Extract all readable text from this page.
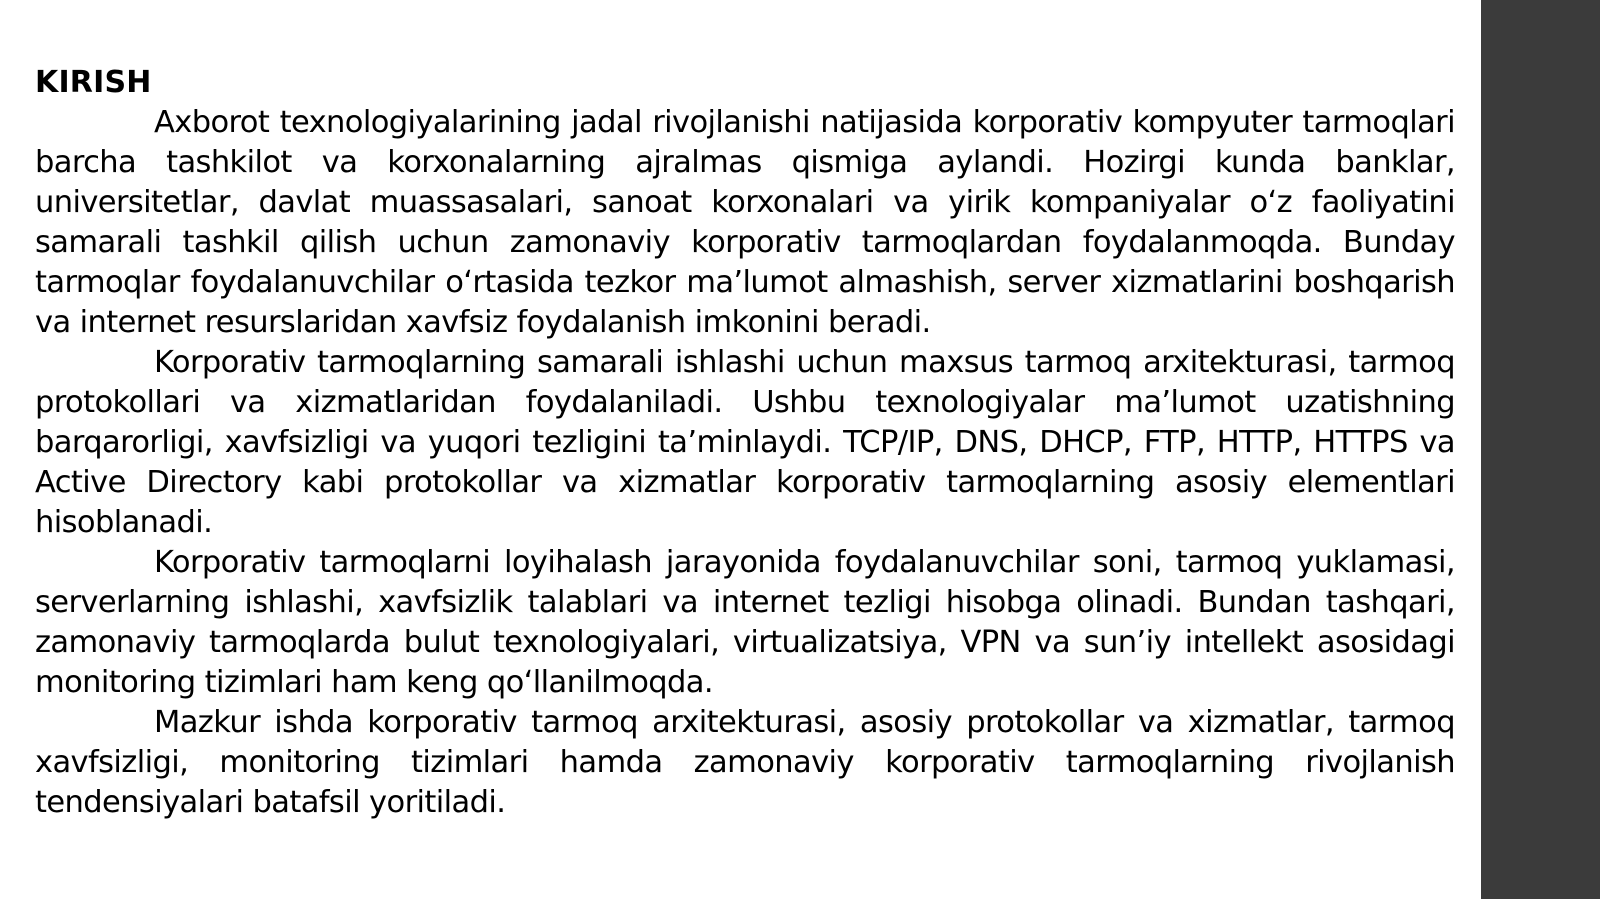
KIRISH

Axborot texnologiyalarining jadal rivojlanishi natijasida korporativ kompyuter tarmoqlari barcha tashkilot va korxonalarning ajralmas qismiga aylandi. Hozirgi kunda banklar, universitetlar, davlat muassasalari, sanoat korxonalari va yirik kompaniyalar o‘z faoliyatini samarali tashkil qilish uchun zamonaviy korporativ tarmoqlardan foydalanmoqda. Bunday tarmoqlar foydalanuvchilar o‘rtasida tezkor ma’lumot almashish, server xizmatlarini boshqarish va internet resurslaridan xavfsiz foydalanish imkonini beradi.

Korporativ tarmoqlarning samarali ishlashi uchun maxsus tarmoq arxitekturasi, tarmoq protokollari va xizmatlaridan foydalaniladi. Ushbu texnologiyalar ma’lumot uzatishning barqarorligi, xavfsizligi va yuqori tezligini ta’minlaydi. TCP/IP, DNS, DHCP, FTP, HTTP, HTTPS va Active Directory kabi protokollar va xizmatlar korporativ tarmoqlarning asosiy elementlari hisoblanadi.

Korporativ tarmoqlarni loyihalash jarayonida foydalanuvchilar soni, tarmoq yuklamasi, serverlarning ishlashi, xavfsizlik talablari va internet tezligi hisobga olinadi. Bundan tashqari, zamonaviy tarmoqlarda bulut texnologiyalari, virtualizatsiya, VPN va sun’iy intellekt asosidagi monitoring tizimlari ham keng qo‘llanilmoqda.

Mazkur ishda korporativ tarmoq arxitekturasi, asosiy protokollar va xizmatlar, tarmoq xavfsizligi, monitoring tizimlari hamda zamonaviy korporativ tarmoqlarning rivojlanish tendensiyalari batafsil yoritiladi.
